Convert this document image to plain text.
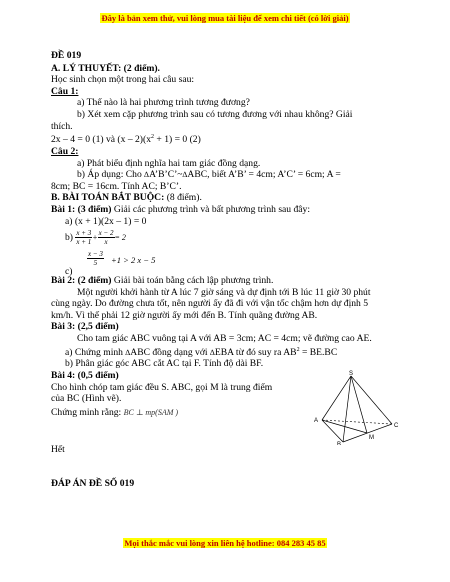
Đây là bản xem thử, vui lòng mua tài liệu để xem chi tiết (có lời giải)
ĐỀ 019
A. LÝ THUYẾT: (2 điểm).
Học sinh chọn một trong hai câu sau:
Câu 1:
a) Thế nào là hai phương trình tương đương?
b) Xét xem cặp phương trình sau có tương đương với nhau không? Giải
thích.
2x – 4 = 0 (1) và $(x - 2)(x^2 + 1) = 0$ (2)
Câu 2:
a) Phát biểu định nghĩa hai tam giác đồng dạng.
b) Áp dụng: Cho ∆A’B’C’~∆ABC, biết A’B’ = 4cm; A’C’ = 6cm; A =
8cm; BC = 16cm. Tính AC; B’C’.
B. BÀI TOÁN BẮT BUỘC: (8 điểm).
Bài 1: (3 điểm) Giải các phương trình và bất phương trình sau đây:
a) (x + 1)(2x – 1) = 0
$b) \frac{x + 3}{x + 1} + \frac{x - 2}{x} = 2$
c)
$\frac{x - 3}{5} +1 > 2$ x − 5
Bài 2: (2 điểm) Giải bài toán bằng cách lập phương trình.
Một người khởi hành từ A lúc 7 giờ sáng và dự định tới B lúc 11 giờ 30 phút
cùng ngày. Do đường chưa tốt, nên người ấy đã đi với vận tốc chậm hơn dự định 5
km/h. Vì thế phải 12 giờ người ấy mới đến B. Tính quãng đường AB.
Bài 3: (2,5 điểm)
Cho tam giác ABC vuông tại A với AB = 3cm; AC = 4cm; vẽ đường cao AE.
a) Chứng minh ∆ABC đồng dạng với ∆EBA từ đó suy ra $AB^2 = BE.BC$
b) Phân giác góc ABC cắt AC tại F. Tính độ dài BF.
Bài 4: (0,5 điểm)
Cho hình chóp tam giác đều S. ABC, gọi M là trung điểm
của BC (Hình vẽ).
Chứng minh rằng: BC ⊥ mp(SAM )
Hết
ĐÁP ÁN ĐỀ SỐ 019
S
A
B
C
M
Mọi thắc mắc vui lòng xin liên hệ hotline: 084 283 45 85
